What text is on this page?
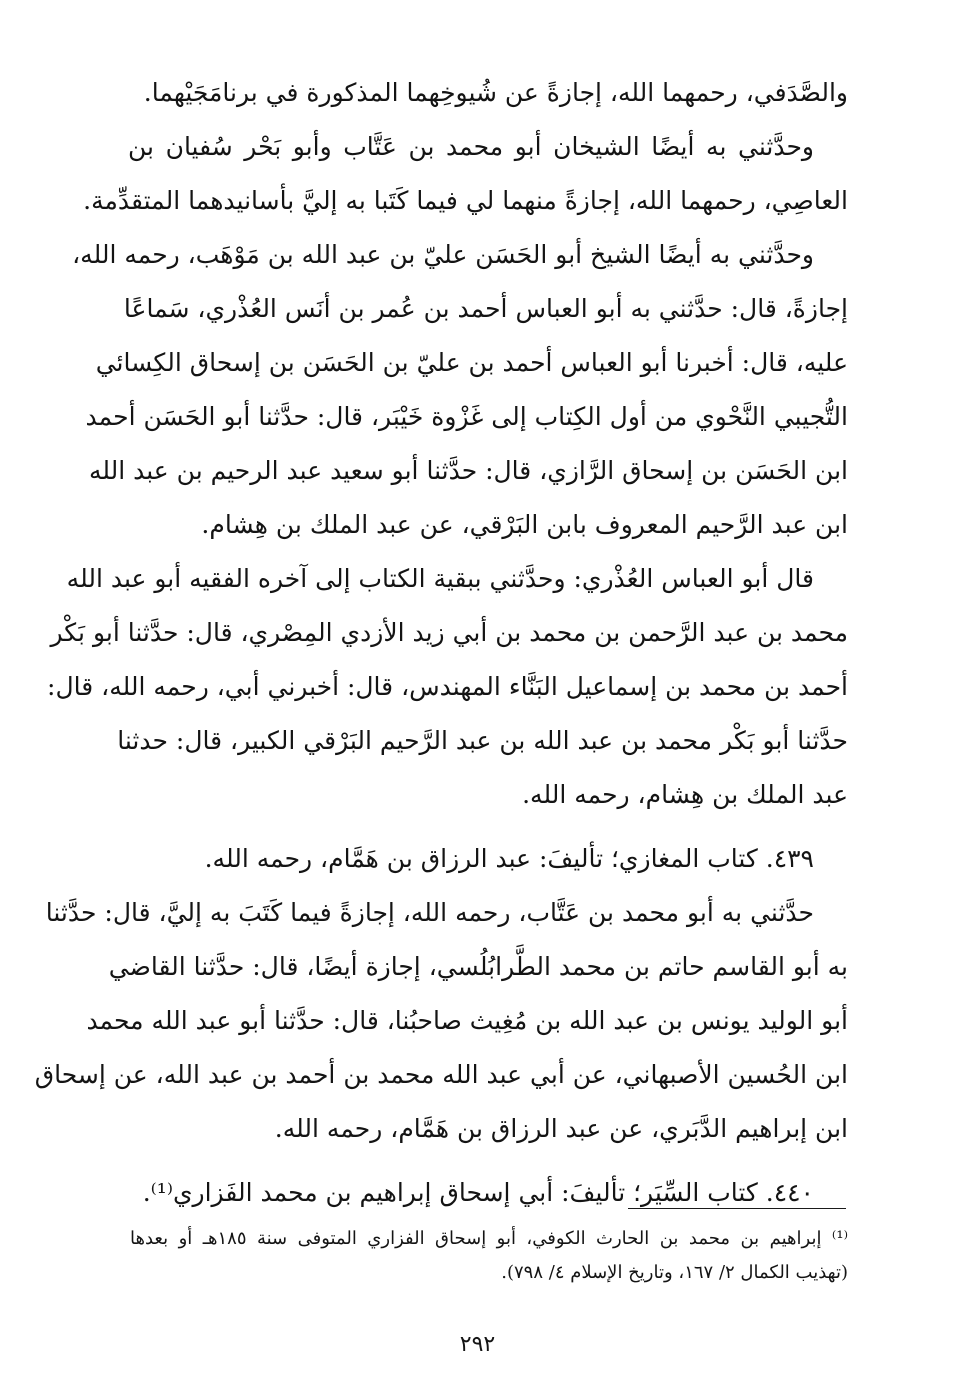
والصَّدَفي، رحمهما الله، إجازةً عن شُيوخِهما المذكورة في برنامَجَيْهما.
وحدَّثني به أيضًا الشيخان أبو محمد بن عَتَّاب وأبو بَحْر سُفيان بن
العاصِي، رحمهما الله، إجازةً منهما لي فيما كَتَبا به إليَّ بأسانيدهما المتقدِّمة.
وحدَّثني به أيضًا الشيخ أبو الحَسَن عليّ بن عبد الله بن مَوْهَب، رحمه الله،
إجازةً، قال: حدَّثني به أبو العباس أحمد بن عُمر بن أنَس العُذْري، سَماعًا
عليه، قال: أخبرنا أبو العباس أحمد بن عليّ بن الحَسَن بن إسحاق الكِسائي
التُّجيبي النَّحْوي من أول الكِتاب إلى غَزْوة خَيْبَر، قال: حدَّثنا أبو الحَسَن أحمد
ابن الحَسَن بن إسحاق الرَّازي، قال: حدَّثنا أبو سعيد عبد الرحيم بن عبد الله
ابن عبد الرَّحيم المعروف بابن البَرْقي، عن عبد الملك بن هِشام.
قال أبو العباس العُذْري: وحدَّثني ببقية الكتاب إلى آخره الفقيه أبو عبد الله
محمد بن عبد الرَّحمن بن محمد بن أبي زيد الأزدي المِصْري، قال: حدَّثنا أبو بَكْر
أحمد بن محمد بن إسماعيل البَنَّاء المهندس، قال: أخبرني أبي، رحمه الله، قال:
حدَّثنا أبو بَكْر محمد بن عبد الله بن عبد الرَّحيم البَرْقي الكبير، قال: حدثنا
عبد الملك بن هِشام، رحمه الله.
٤٣٩. كتاب المغازي؛ تأليفَ: عبد الرزاق بن هَمَّام، رحمه الله.
حدَّثني به أبو محمد بن عَتَّاب، رحمه الله، إجازةً فيما كَتَبَ به إليَّ، قال: حدَّثنا
به أبو القاسم حاتم بن محمد الطَّرابُلُسي، إجازة أيضًا، قال: حدَّثنا القاضي
أبو الوليد يونس بن عبد الله بن مُغِيث صاحبُنا، قال: حدَّثنا أبو عبد الله محمد
ابن الحُسين الأصبهاني، عن أبي عبد الله محمد بن أحمد بن عبد الله، عن إسحاق
ابن إبراهيم الدَّبَري، عن عبد الرزاق بن هَمَّام، رحمه الله.
٤٤٠. كتاب السِّيَر؛ تأليفَ: أبي إسحاق إبراهيم بن محمد الفَزاري⁽¹⁾.
⁽¹⁾ إبراهيم بن محمد بن الحارث الكوفي، أبو إسحاق الفزاري المتوفى سنة ١٨٥هـ أو بعدها
(تهذيب الكمال ٢/ ١٦٧، وتاريخ الإسلام ٤/ ٧٩٨).
٢٩٢
